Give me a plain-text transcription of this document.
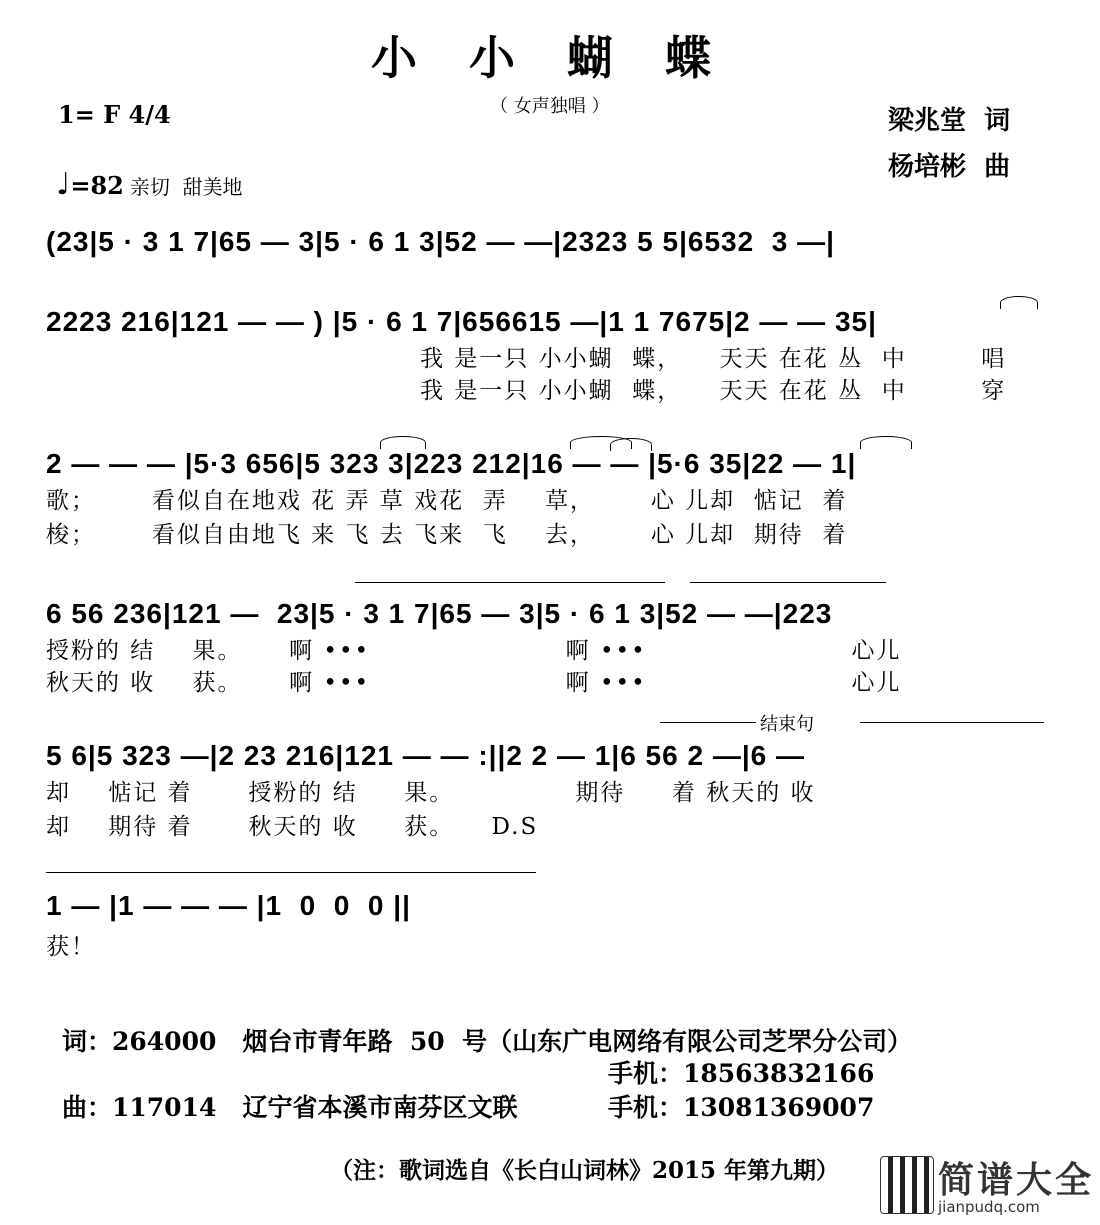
小 小 蝴 蝶
（ 女声独唱 ）
1= F 4/4

♩=82 亲切  甜美地

梁兆堂  词
杨培彬  曲
(23|5 · 3 1 7|65 — 3|5 · 6 1 3|52 — —|2323 5 5|6532  3 —|
2223 216|121 — — ) |5 · 6 1 7|656615 —|1 1 7675|2 — — 35|
我 是一只 小小蝴  蝶，    天天 在花 丛  中        唱
我 是一只 小小蝴  蝶，    天天 在花 丛  中        穿
2 — — — |5·3 656|5 323 3|223 212|16 — — |5·6 35|22 — 1|
歌；      看似自在地戏 花 弄 草 戏花  弄    草，      心 儿却  惦记  着
梭；      看似自由地飞 来 飞 去 飞来  飞    去，      心 儿却  期待  着
6 56 236|121 —  23|5 · 3 1 7|65 — 3|5 · 6 1 3|52 — —|223
授粉的 结    果。     啊 •••                     啊 •••                      心儿
秋天的 收    获。     啊 •••                     啊 •••                      心儿
结束句
5 6|5 323 —|2 23 216|121 — — :||2 2 — 1|6 56 2 —|6 —
却    惦记 着      授粉的 结     果。             期待     着 秋天的 收
却    期待 着      秋天的 收     获。    D.S
1 — |1 — — — |1  0  0  0 ||
获！
词：264000   烟台市青年路  50  号（山东广电网络有限公司芝罘分公司）
手机：18563832166
曲：117014   辽宁省本溪市南芬区文联	手机：13081369007
（注：歌词选自《长白山词林》2015 年第九期）	简谱大全
jianpudq.com
